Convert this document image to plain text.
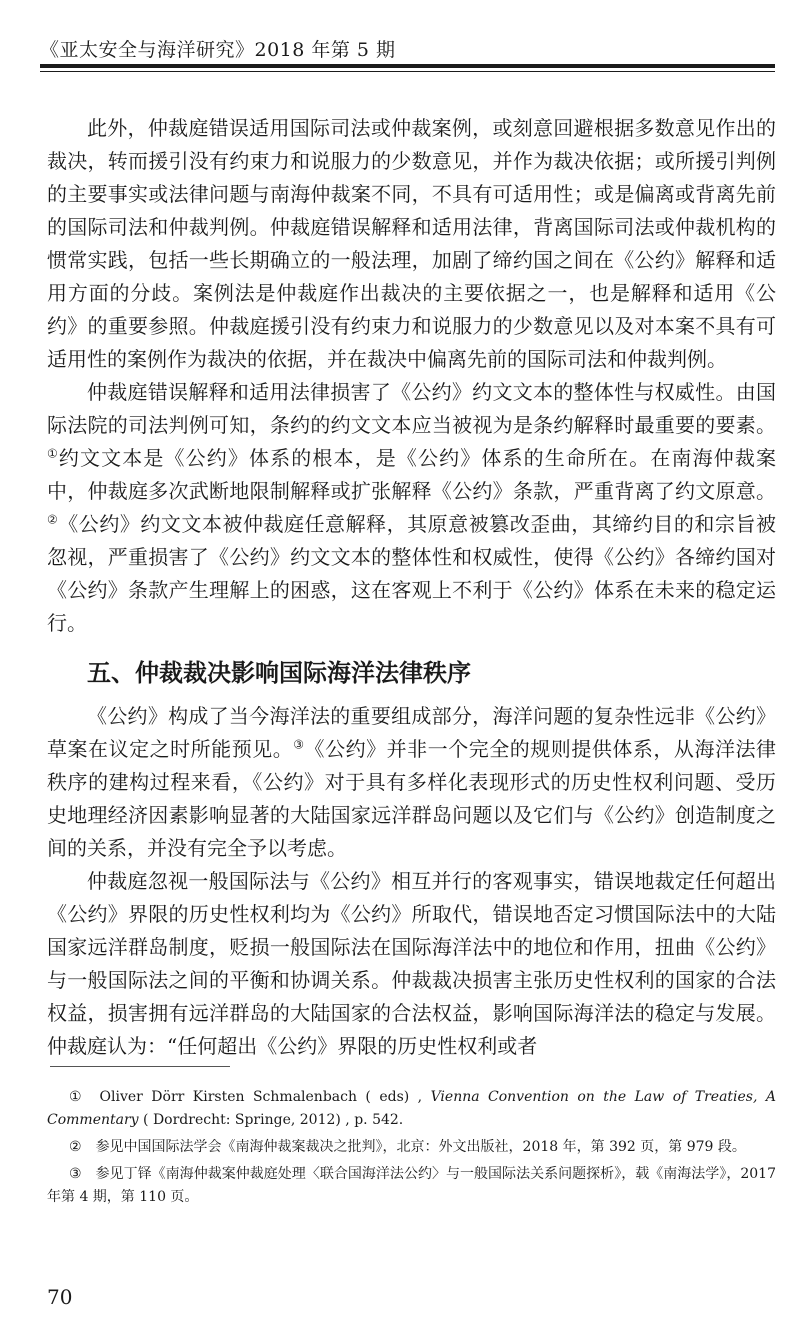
《亚太安全与海洋研究》2018 年第 5 期

此外，仲裁庭错误适用国际司法或仲裁案例，或刻意回避根据多数意见作出的裁决，转而援引没有约束力和说服力的少数意见，并作为裁决依据；或所援引判例的主要事实或法律问题与南海仲裁案不同，不具有可适用性；或是偏离或背离先前的国际司法和仲裁判例。仲裁庭错误解释和适用法律，背离国际司法或仲裁机构的惯常实践，包括一些长期确立的一般法理，加剧了缔约国之间在《公约》解释和适用方面的分歧。案例法是仲裁庭作出裁决的主要依据之一，也是解释和适用《公约》的重要参照。仲裁庭援引没有约束力和说服力的少数意见以及对本案不具有可适用性的案例作为裁决的依据，并在裁决中偏离先前的国际司法和仲裁判例。

仲裁庭错误解释和适用法律损害了《公约》约文文本的整体性与权威性。由国际法院的司法判例可知，条约的约文文本应当被视为是条约解释时最重要的要素。①约文文本是《公约》体系的根本，是《公约》体系的生命所在。在南海仲裁案中，仲裁庭多次武断地限制解释或扩张解释《公约》条款，严重背离了约文原意。②《公约》约文文本被仲裁庭任意解释，其原意被篡改歪曲，其缔约目的和宗旨被忽视，严重损害了《公约》约文文本的整体性和权威性，使得《公约》各缔约国对《公约》条款产生理解上的困惑，这在客观上不利于《公约》体系在未来的稳定运行。

五、仲裁裁决影响国际海洋法律秩序

《公约》构成了当今海洋法的重要组成部分，海洋问题的复杂性远非《公约》草案在议定之时所能预见。③《公约》并非一个完全的规则提供体系，从海洋法律秩序的建构过程来看，《公约》对于具有多样化表现形式的历史性权利问题、受历史地理经济因素影响显著的大陆国家远洋群岛问题以及它们与《公约》创造制度之间的关系，并没有完全予以考虑。

仲裁庭忽视一般国际法与《公约》相互并行的客观事实，错误地裁定任何超出《公约》界限的历史性权利均为《公约》所取代，错误地否定习惯国际法中的大陆国家远洋群岛制度，贬损一般国际法在国际海洋法中的地位和作用，扭曲《公约》与一般国际法之间的平衡和协调关系。仲裁裁决损害主张历史性权利的国家的合法权益，损害拥有远洋群岛的大陆国家的合法权益，影响国际海洋法的稳定与发展。仲裁庭认为：“任何超出《公约》界限的历史性权利或者

① Oliver Dörr Kirsten Schmalenbach ( eds) , Vienna Convention on the Law of Treaties, A Commentary ( Dordrecht: Springe, 2012) , p. 542.

② 参见中国国际法学会《南海仲裁案裁决之批判》，北京：外文出版社，2018 年，第 392 页，第 979 段。

③ 参见丁铎《南海仲裁案仲裁庭处理〈联合国海洋法公约〉与一般国际法关系问题探析》，载《南海法学》，2017 年第 4 期，第 110 页。

70
